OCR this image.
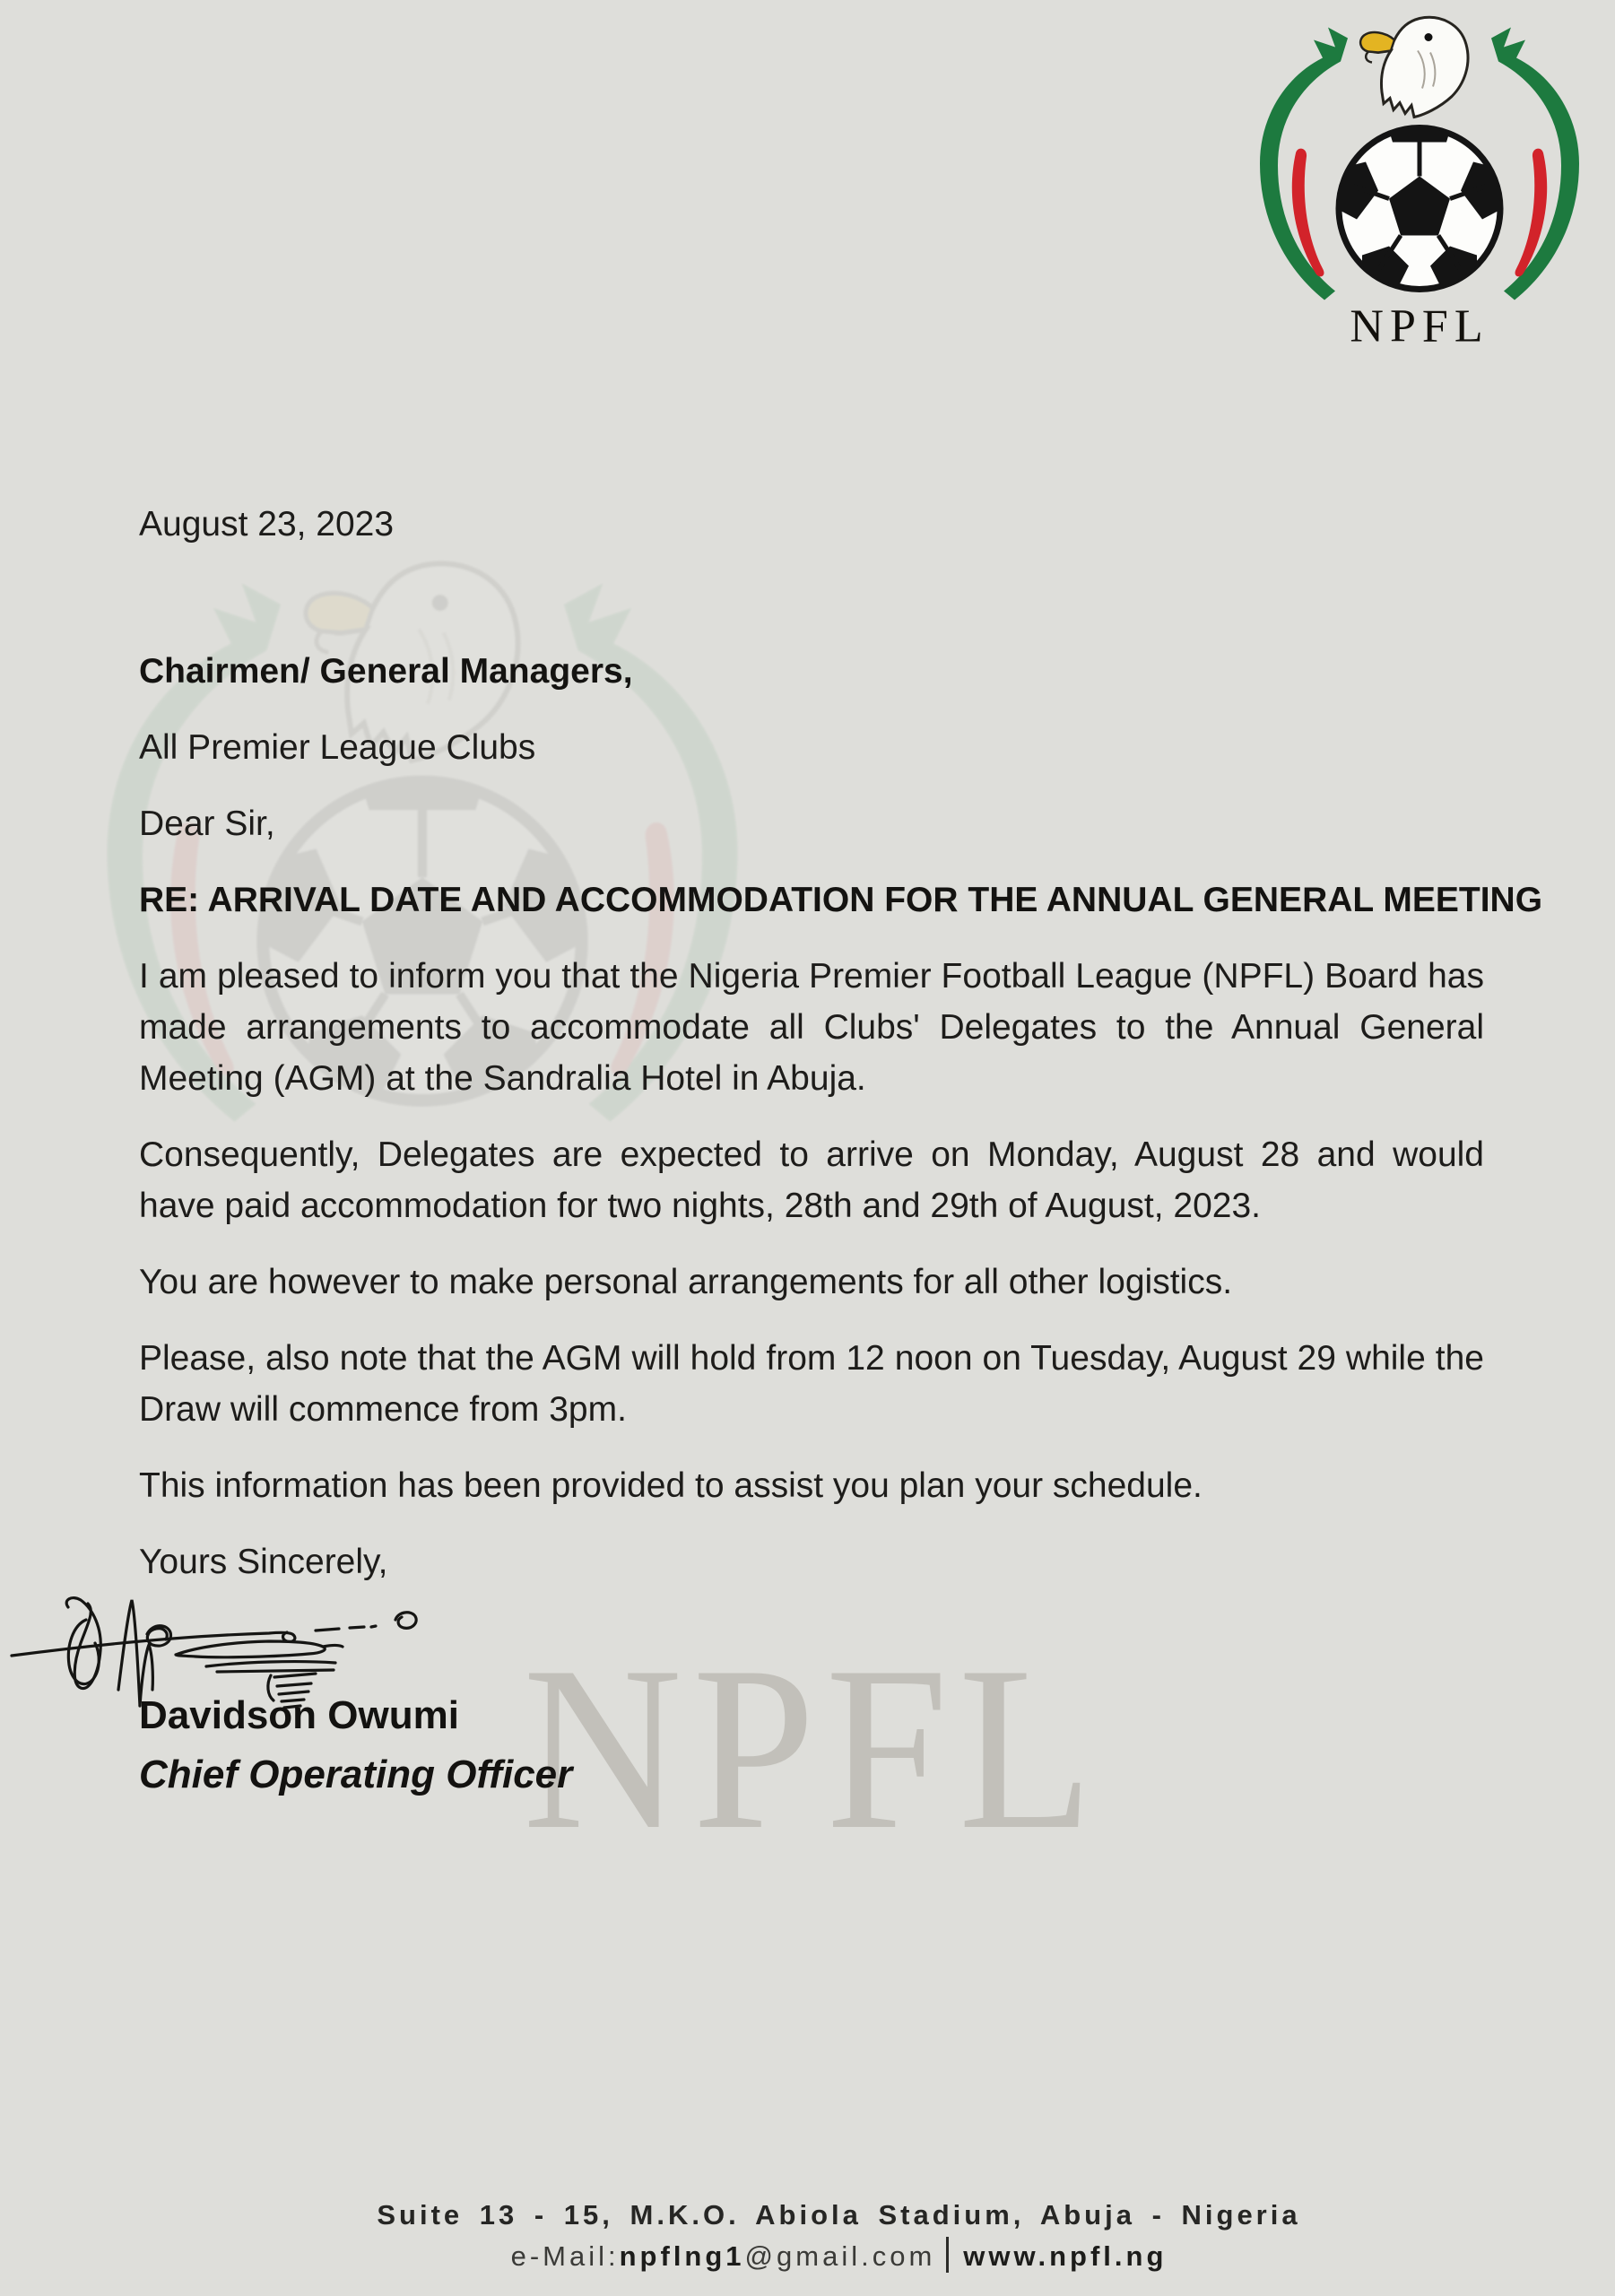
NPFL
NPFL

August 23, 2023

Chairmen/ General Managers,

All Premier League Clubs

Dear Sir,

RE: ARRIVAL DATE AND ACCOMMODATION FOR THE ANNUAL GENERAL MEETING

I am pleased to inform you that the Nigeria Premier Football League (NPFL) Board has made arrangements to accommodate all Clubs' Delegates to the Annual General Meeting (AGM) at the Sandralia Hotel in Abuja.

Consequently, Delegates are expected to arrive on Monday, August 28 and would have paid accommodation for two nights, 28th and 29th of August, 2023.

You are however to make personal arrangements for all other logistics.

Please, also note that the AGM will hold from 12 noon on Tuesday, August 29 while the Draw will commence from 3pm.

This information has been provided to assist you plan your schedule.

Yours Sincerely,

Davidson Owumi
Chief Operating Officer
Suite 13 - 15, M.K.O. Abiola Stadium, Abuja - Nigeria
e-Mail:npflng1@gmail.com www.npfl.ng
